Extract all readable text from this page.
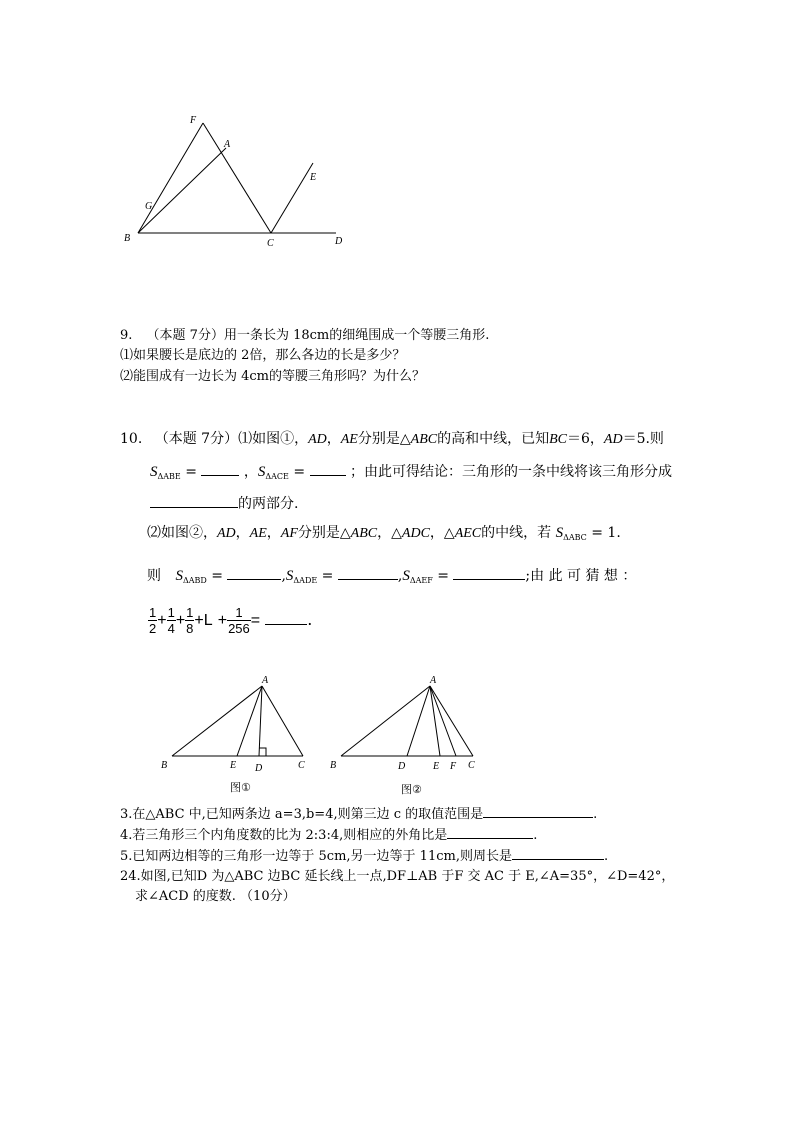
F
A
E
G
B	C	D
9. （本题 7分）用一条长为 18cm的细绳围成一个等腰三角形.
⑴如果腰长是底边的 2倍，那么各边的长是多少？
⑵能围成有一边长为 4cm的等腰三角形吗？为什么？
10. （本题 7分）⑴如图①，AD，AE分别是△ABC的高和中线，已知BC＝6，AD＝5.则
$S_{\Delta ABE}$ =	，$S_{\Delta ACE}$ =	；由此可得结论：三角形的一条中线将该三角形分成
的两部分.
⑵如图②，AD，AE，AF分别是△ABC，△ADC，△AEC的中线，若 $S_{\Delta ABC} = 1$.
则 $S_{\Delta ABD}$ =	$,S_{\Delta ADE}$ =	$,S_{\Delta AEF}$ =	;由 此 可 猜 想 ：
$\frac{1}{2} + \frac{1}{4} + \frac{1}{8} +L + \frac{1}{256}$ =	.
A
B	E D	C
A
B	D	E F C
图①	图②
3.在△ABC 中,已知两条边 a=3,b=4,则第三边 c 的取值范围是	.
4.若三角形三个内角度数的比为 2:3:4,则相应的外角比是	.
5.已知两边相等的三角形一边等于 5cm,另一边等于 11cm,则周长是	.
24.如图,已知D 为△ABC 边BC 延长线上一点,DF⊥AB 于F 交 AC 于 E,∠A=35°，∠D=42°，
求∠ACD 的度数. （10分）
